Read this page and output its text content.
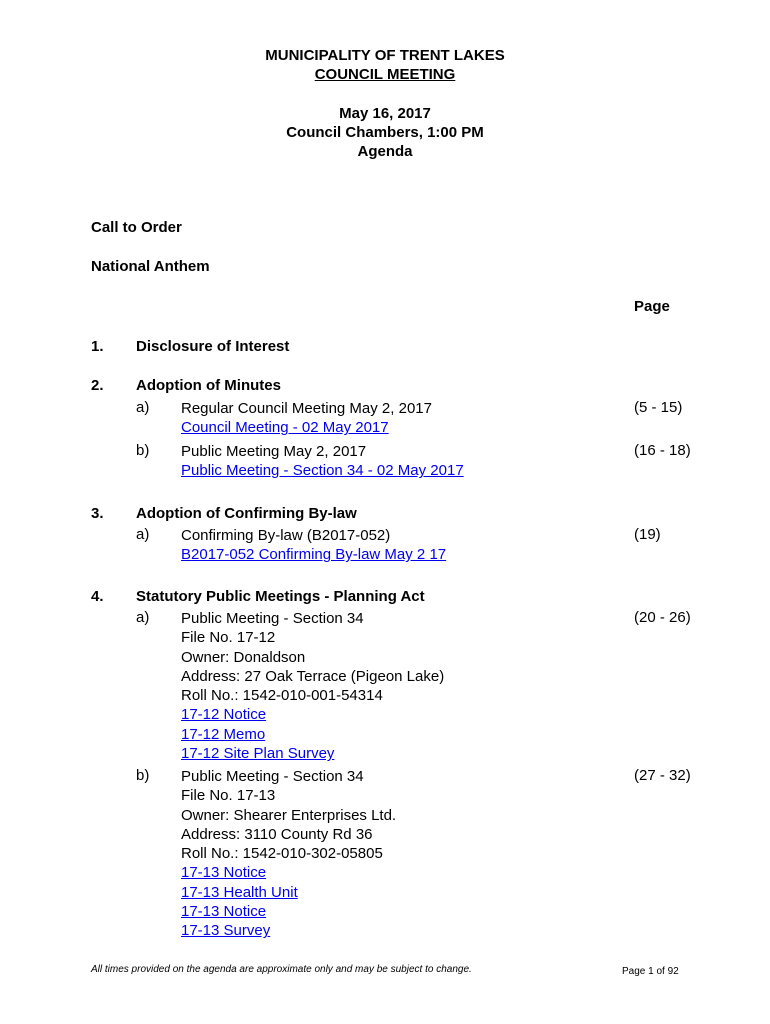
MUNICIPALITY OF TRENT LAKES
COUNCIL MEETING
May 16, 2017
Council Chambers, 1:00 PM
Agenda
Call to Order
National Anthem
Page
1. Disclosure of Interest
2. Adoption of Minutes
a) Regular Council Meeting May 2, 2017
Council Meeting - 02 May 2017
(5 - 15)
b) Public Meeting May 2, 2017
Public Meeting - Section 34 - 02 May 2017
(16 - 18)
3. Adoption of Confirming By-law
a) Confirming By-law (B2017-052)
B2017-052 Confirming By-law May 2 17
(19)
4. Statutory Public Meetings - Planning Act
a) Public Meeting - Section 34
File No. 17-12
Owner: Donaldson
Address: 27 Oak Terrace (Pigeon Lake)
Roll No.: 1542-010-001-54314
17-12 Notice
17-12 Memo
17-12 Site Plan Survey
(20 - 26)
b) Public Meeting - Section 34
File No. 17-13
Owner: Shearer Enterprises Ltd.
Address: 3110 County Rd 36
Roll No.: 1542-010-302-05805
17-13 Notice
17-13 Health Unit
17-13 Notice
17-13 Survey
(27 - 32)
All times provided on the agenda are approximate only and may be subject to change.	Page 1 of 92
